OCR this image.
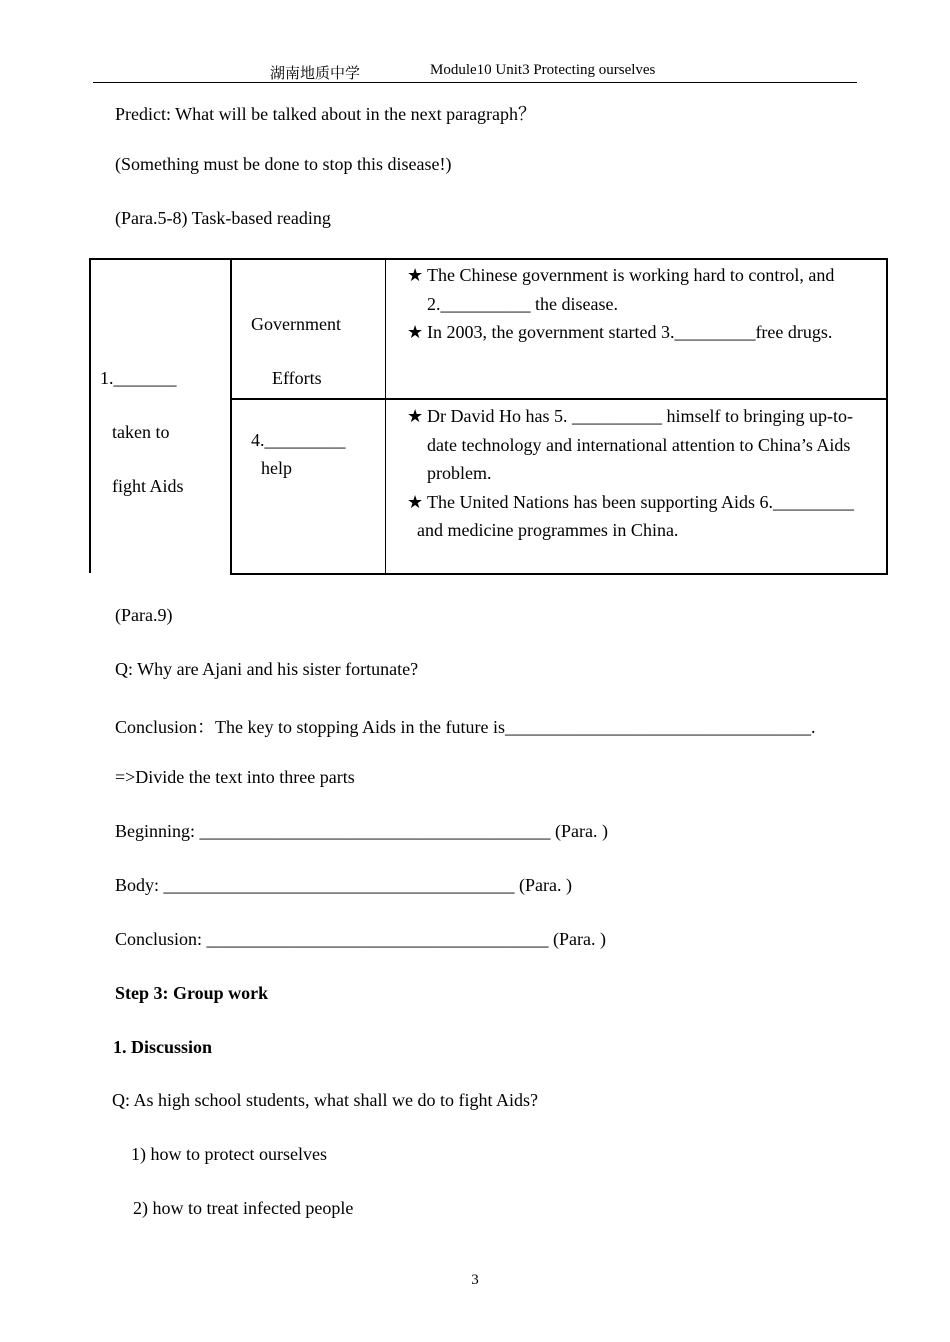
湖南地质中学	Module10 Unit3 Protecting ourselves
Predict: What will be talked about in the next paragraph？
(Something must be done to stop this disease!)
(Para.5-8) Task-based reading
1._______
taken to
fight Aids
Government
Efforts
4._________
help
★ The Chinese government is working hard to control, and
2.__________ the disease.
★ In 2003, the government started 3._________free drugs.
★ Dr David Ho has 5. __________ himself to bringing up-to-
date technology and international attention to China’s Aids
problem.
★ The United Nations has been supporting Aids 6._________
and medicine programmes in China.
(Para.9)
Q: Why are Ajani and his sister fortunate?
Conclusion：The key to stopping Aids in the future is__________________________________.
=>Divide the text into three parts
Beginning: _______________________________________ (Para. )
Body: _______________________________________ (Para. )
Conclusion: ______________________________________ (Para. )
Step 3: Group work
1. Discussion
Q: As high school students, what shall we do to fight Aids?
1) how to protect ourselves
2) how to treat infected people
3
